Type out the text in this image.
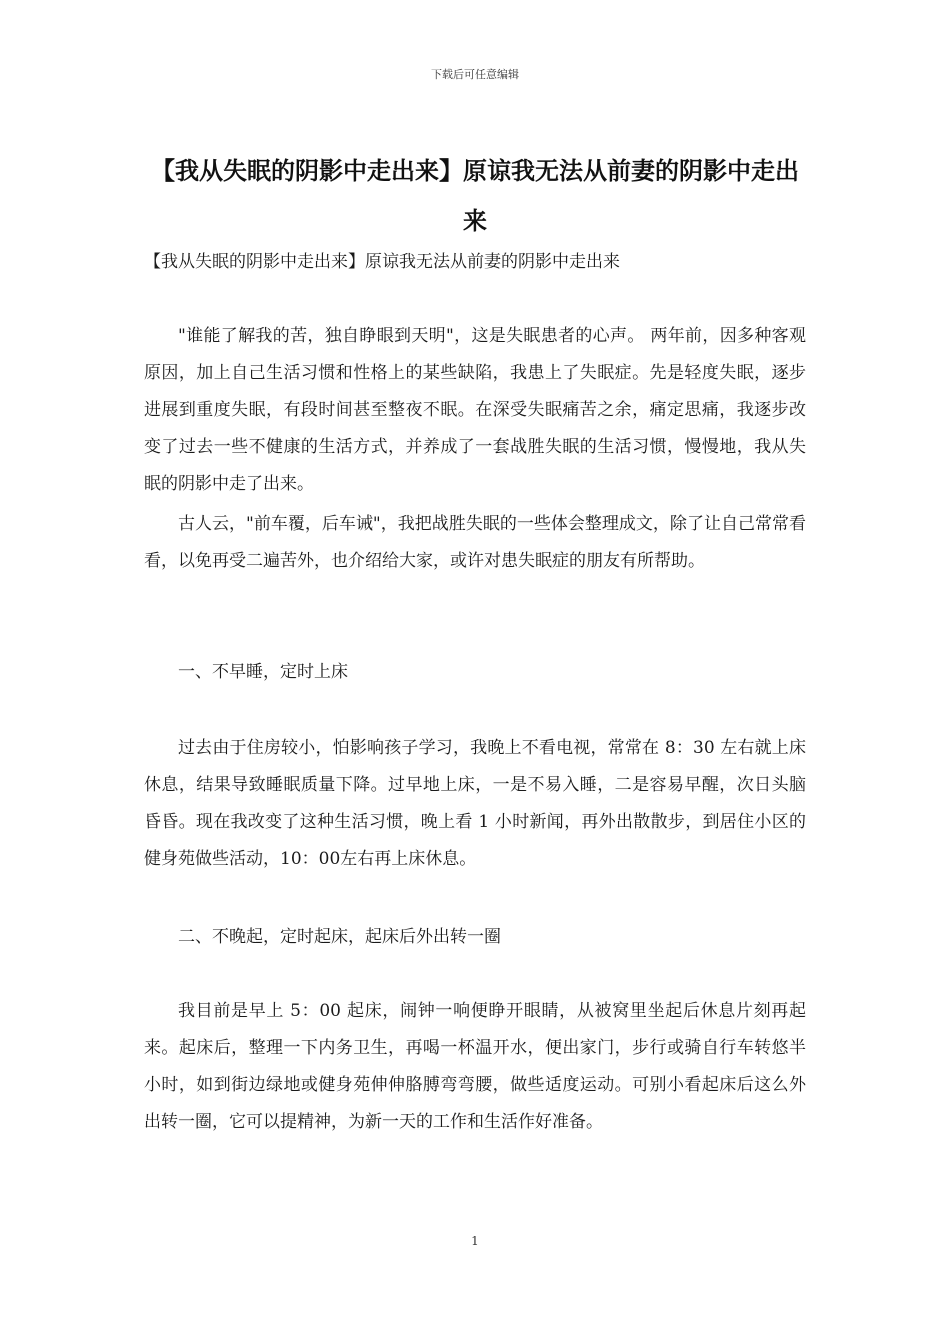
下载后可任意编辑
【我从失眠的阴影中走出来】原谅我无法从前妻的阴影中走出来
【我从失眠的阴影中走出来】原谅我无法从前妻的阴影中走出来

"谁能了解我的苦，独自睁眼到天明"，这是失眠患者的心声。 两年前，因多种客观原因，加上自己生活习惯和性格上的某些缺陷，我患上了失眠症。先是轻度失眠，逐步进展到重度失眠，有段时间甚至整夜不眠。在深受失眠痛苦之余，痛定思痛，我逐步改变了过去一些不健康的生活方式，并养成了一套战胜失眠的生活习惯，慢慢地，我从失眠的阴影中走了出来。

古人云，"前车覆，后车诫"，我把战胜失眠的一些体会整理成文，除了让自己常常看看，以免再受二遍苦外，也介绍给大家，或许对患失眠症的朋友有所帮助。

一、不早睡，定时上床

过去由于住房较小，怕影响孩子学习，我晚上不看电视，常常在 8：30 左右就上床休息，结果导致睡眠质量下降。过早地上床，一是不易入睡，二是容易早醒，次日头脑昏昏。现在我改变了这种生活习惯，晚上看 1 小时新闻，再外出散散步，到居住小区的健身苑做些活动，10：00左右再上床休息。

二、不晚起，定时起床，起床后外出转一圈

我目前是早上 5：00 起床，闹钟一响便睁开眼睛，从被窝里坐起后休息片刻再起来。起床后，整理一下内务卫生，再喝一杯温开水，便出家门，步行或骑自行车转悠半小时，如到街边绿地或健身苑伸伸胳膊弯弯腰，做些适度运动。可别小看起床后这么外出转一圈，它可以提精神，为新一天的工作和生活作好准备。

1
